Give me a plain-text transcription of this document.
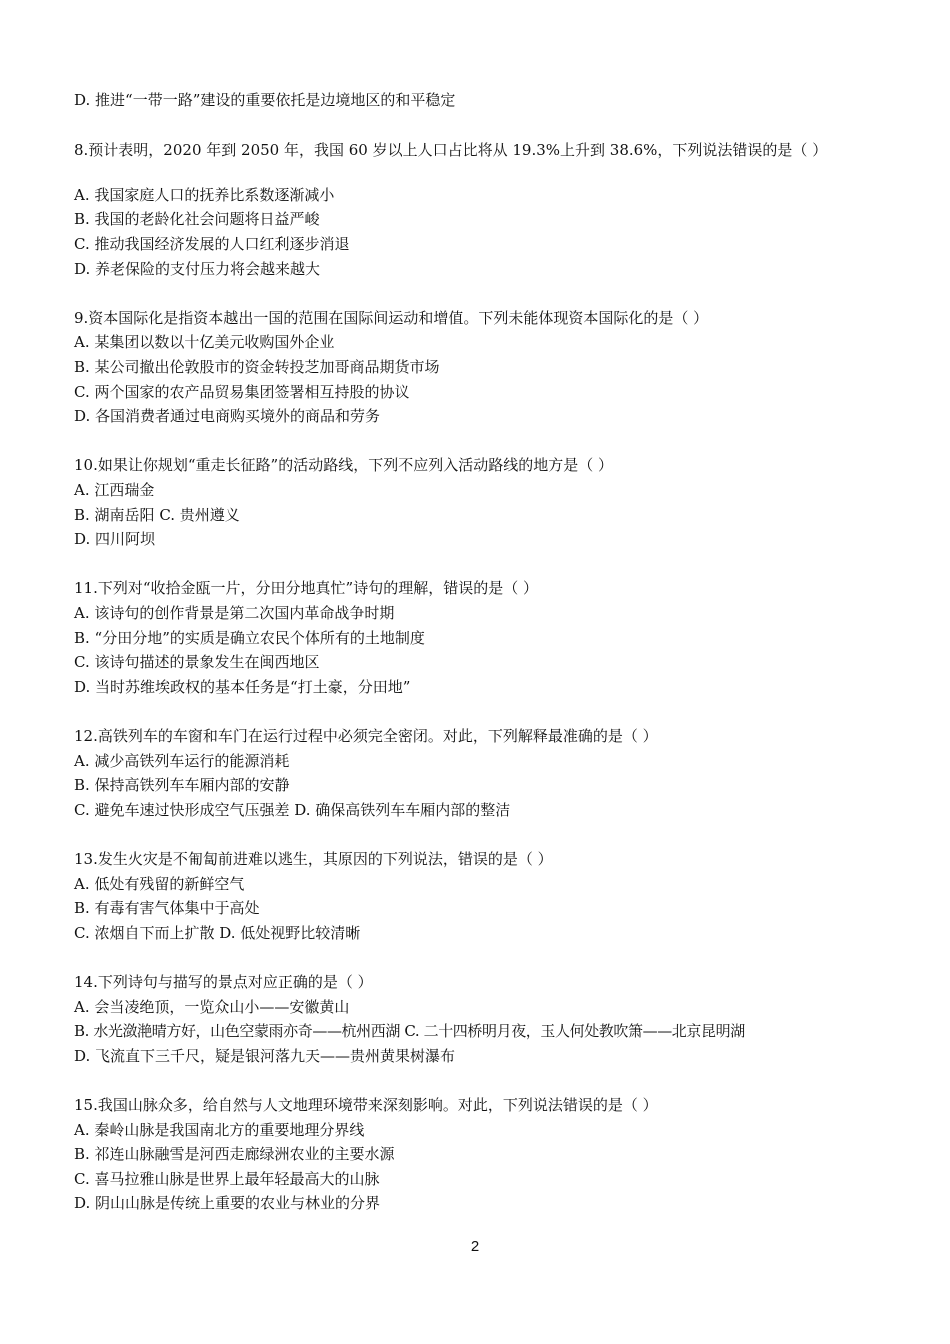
D. 推进“一带一路”建设的重要依托是边境地区的和平稳定
8.预计表明，2020 年到 2050 年，我国 60 岁以上人口占比将从 19.3%上升到 38.6%，下列说法错误的是（ ）
A. 我国家庭人口的抚养比系数逐渐减小
B. 我国的老龄化社会问题将日益严峻
C. 推动我国经济发展的人口红利逐步消退
D. 养老保险的支付压力将会越来越大
9.资本国际化是指资本越出一国的范围在国际间运动和增值。下列未能体现资本国际化的是（ ）
A. 某集团以数以十亿美元收购国外企业
B. 某公司撤出伦敦股市的资金转投芝加哥商品期货市场
C. 两个国家的农产品贸易集团签署相互持股的协议
D. 各国消费者通过电商购买境外的商品和劳务
10.如果让你规划“重走长征路”的活动路线，下列不应列入活动路线的地方是（ ）
A. 江西瑞金
B. 湖南岳阳 C. 贵州遵义
D. 四川阿坝
11.下列对“收拾金瓯一片，分田分地真忙”诗句的理解，错误的是（ ）
A. 该诗句的创作背景是第二次国内革命战争时期
B. “分田分地”的实质是确立农民个体所有的土地制度
C. 该诗句描述的景象发生在闽西地区
D. 当时苏维埃政权的基本任务是“打土豪，分田地”
12.高铁列车的车窗和车门在运行过程中必须完全密闭。对此，下列解释最准确的是（ ）
A. 减少高铁列车运行的能源消耗
B. 保持高铁列车车厢内部的安静
C. 避免车速过快形成空气压强差 D. 确保高铁列车车厢内部的整洁
13.发生火灾是不匍匐前进难以逃生，其原因的下列说法，错误的是（ ）
A. 低处有残留的新鲜空气
B. 有毒有害气体集中于高处
C. 浓烟自下而上扩散 D. 低处视野比较清晰
14.下列诗句与描写的景点对应正确的是（ ）
A. 会当凌绝顶，一览众山小——安徽黄山
B. 水光潋滟晴方好，山色空蒙雨亦奇——杭州西湖 C. 二十四桥明月夜，玉人何处教吹箫——北京昆明湖
D. 飞流直下三千尺，疑是银河落九天——贵州黄果树瀑布
15.我国山脉众多，给自然与人文地理环境带来深刻影响。对此，下列说法错误的是（ ）
A. 秦岭山脉是我国南北方的重要地理分界线
B. 祁连山脉融雪是河西走廊绿洲农业的主要水源
C. 喜马拉雅山脉是世界上最年轻最高大的山脉
D. 阴山山脉是传统上重要的农业与林业的分界
2
